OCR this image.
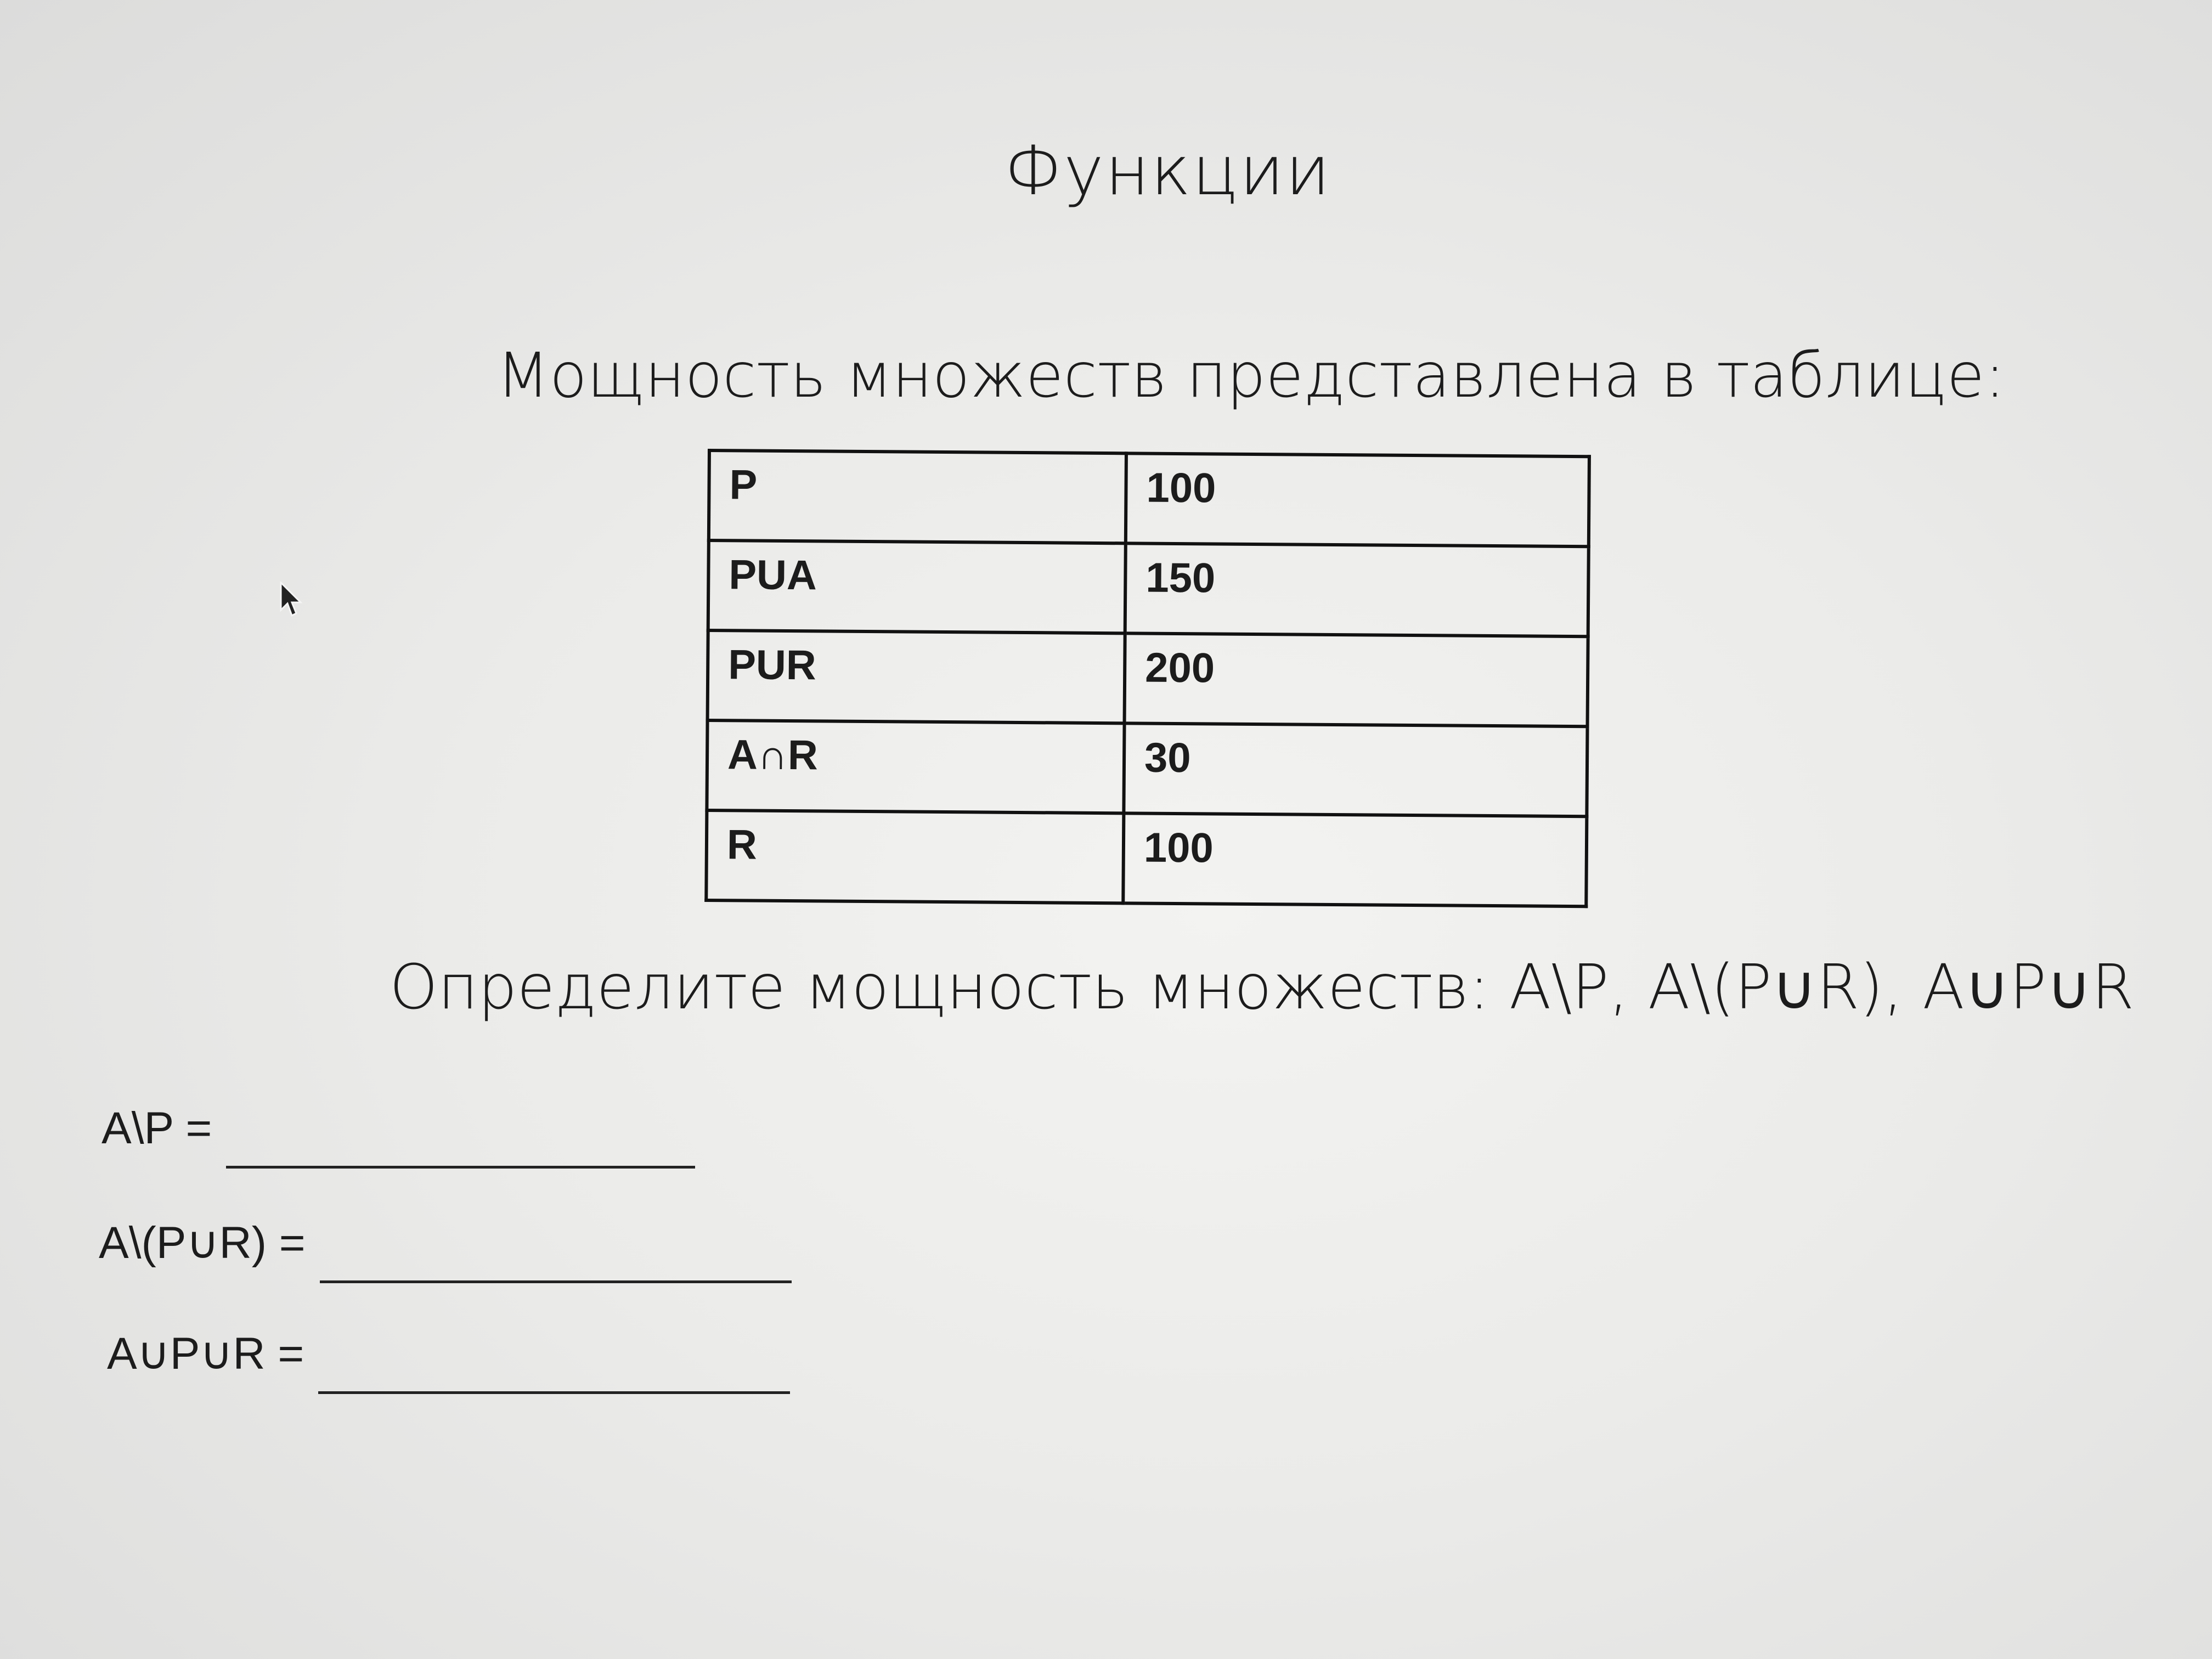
Функции
Мощность множеств представлена в таблице:
P	100
PUA	150
PUR	200
A∩R	30
R	100
Определите мощность множеств: A\P, A\(P∪R), A∪P∪R
A\P =
A\(P∪R) =
A∪P∪R =
